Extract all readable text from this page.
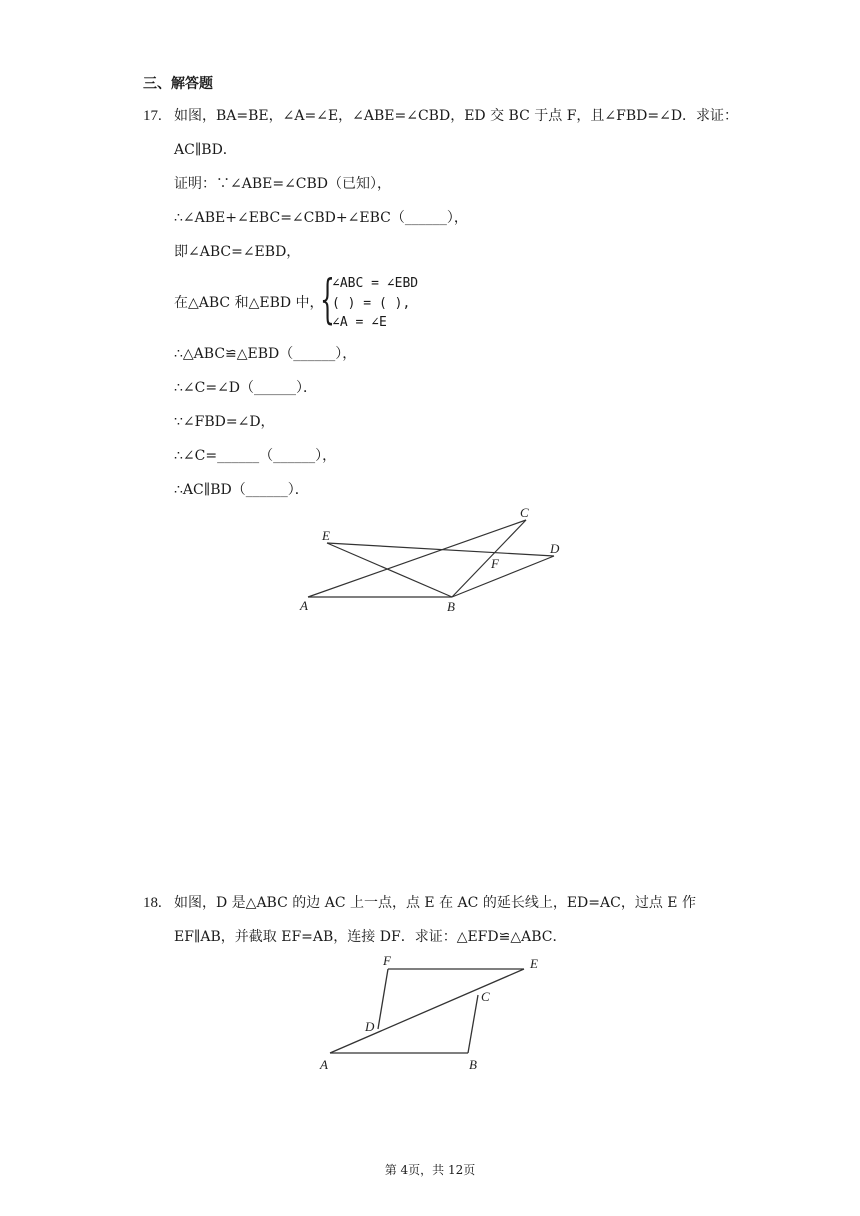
三、解答题
17. 如图，BA=BE，∠A=∠E，∠ABE=∠CBD，ED 交 BC 于点 F，且∠FBD=∠D．求证：
AC∥BD．
证明：∵∠ABE=∠CBD（已知），
∴∠ABE+∠EBC=∠CBD+∠EBC（______），
即∠ABC=∠EBD，
在△ABC 和△EBD 中，
{
∠ABC = ∠EBD
( ) = ( ),
∠A = ∠E
∴△ABC≌△EBD（______），
∴∠C=∠D（______）．
∵∠FBD=∠D，
∴∠C=______（______），
∴AC∥BD（______）．
A	B
C
D
E
F
18. 如图，D 是△ABC 的边 AC 上一点，点 E 在 AC 的延长线上，ED=AC，过点 E 作
EF∥AB，并截取 EF=AB，连接 DF．求证：△EFD≌△ABC．
A	B
C
D
E
F
第 4页，共 12页
